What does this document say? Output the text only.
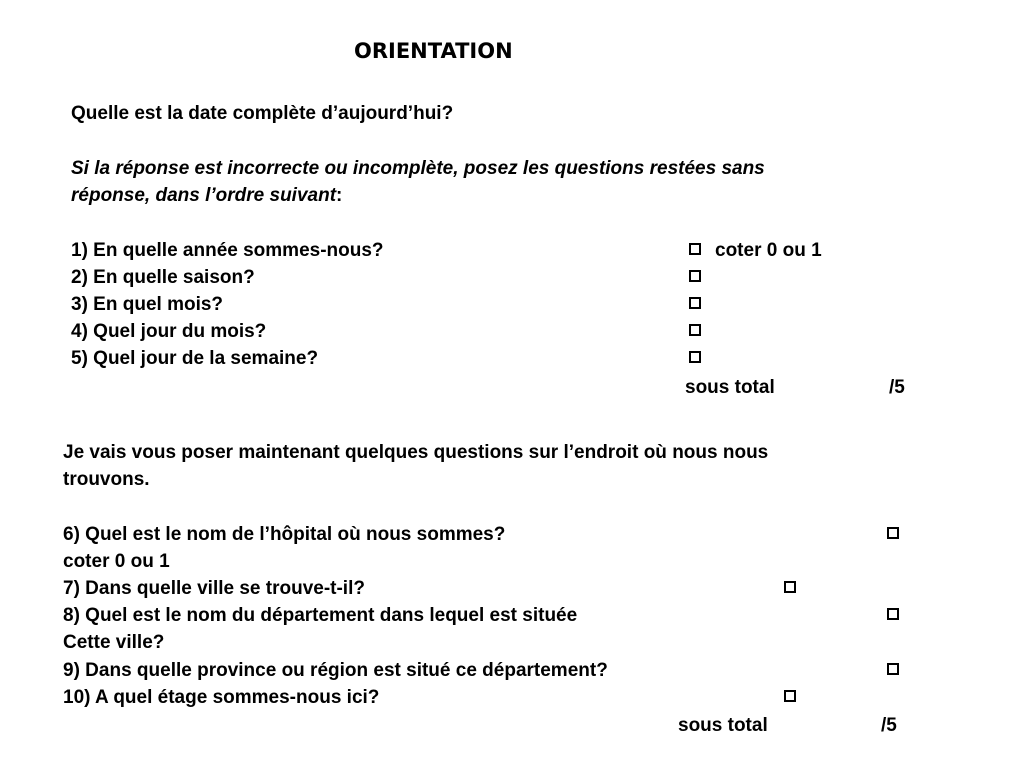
ORIENTATION
Quelle est la date complète d’aujourd’hui?
Si la réponse est incorrecte ou incomplète, posez les questions restées sans
réponse, dans l’ordre suivant:
1) En quelle année sommes-nous?
2) En quelle saison?
3) En quel mois?
4) Quel jour du mois?
5) Quel jour de la semaine?
coter 0 ou 1
sous total	/5
Je vais vous poser maintenant quelques questions sur l’endroit où nous nous
trouvons.
6) Quel est le nom de l’hôpital où nous sommes?
coter 0 ou 1
7) Dans quelle ville se trouve-t-il?
8) Quel est le nom du département dans lequel est située
Cette ville?
9) Dans quelle province ou région est situé ce département?
10) A quel étage sommes-nous ici?
sous total	/5
